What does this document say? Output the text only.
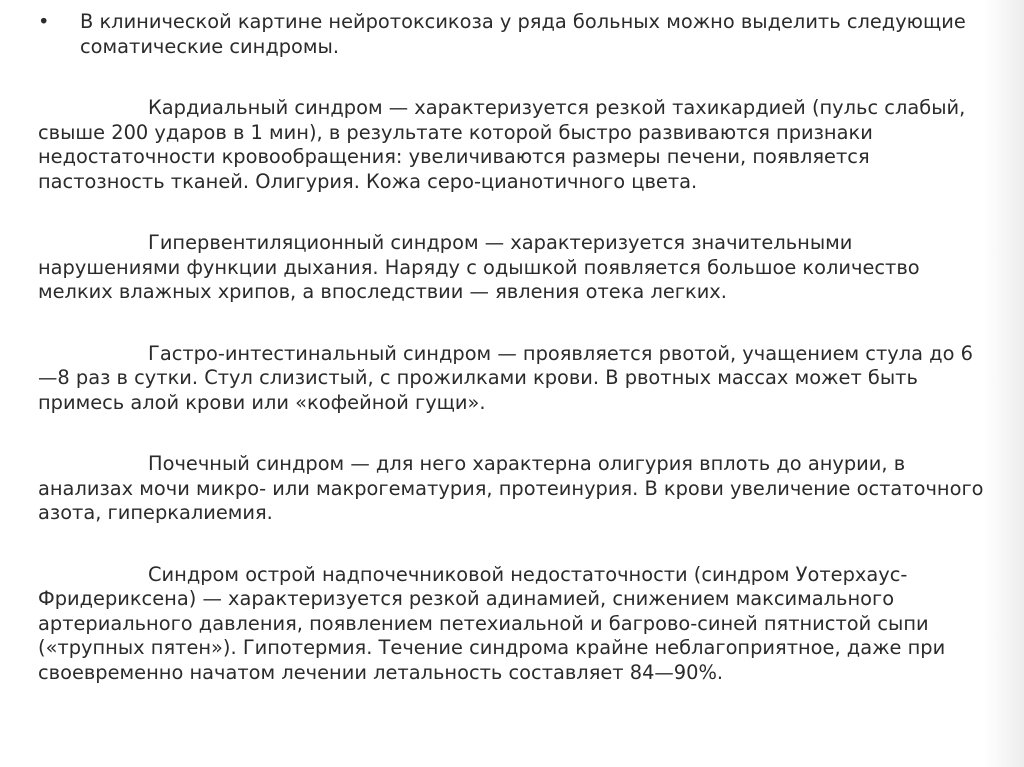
• В клинической картине нейротоксикоза у ряда больных можно выделить следующие соматические синдромы.

Кардиальный синдром — характеризуется резкой тахикардией (пульс слабый, свыше 200 ударов в 1 мин), в результате которой быстро развиваются признаки недостаточности кровообращения: увеличиваются размеры печени, появляется пастозность тканей. Олигурия. Кожа серо-цианотичного цвета.

Гипервентиляционный синдром — характеризуется значительными нарушениями функции дыхания. Наряду с одышкой появляется большое количество мелких влажных хрипов, а впоследствии — явления отека легких.

Гастро-интестинальный синдром — проявляется рвотой, учащением стула до 6—8 раз в сутки. Стул слизистый, с прожилками крови. В рвотных массах может быть примесь алой крови или «кофейной гущи».

Почечный синдром — для него характерна олигурия вплоть до анурии, в анализах мочи микро- или макрогематурия, протеинурия. В крови увеличение остаточного азота, гиперкалиемия.

Синдром острой надпочечниковой недостаточности (синдром Уотерхаус-Фридериксена) — характеризуется резкой адинамией, снижением максимального артериального давления, появлением петехиальной и багрово-синей пятнистой сыпи («трупных пятен»). Гипотермия. Течение синдрома крайне неблагоприятное, даже при своевременно начатом лечении летальность составляет 84—90%.
